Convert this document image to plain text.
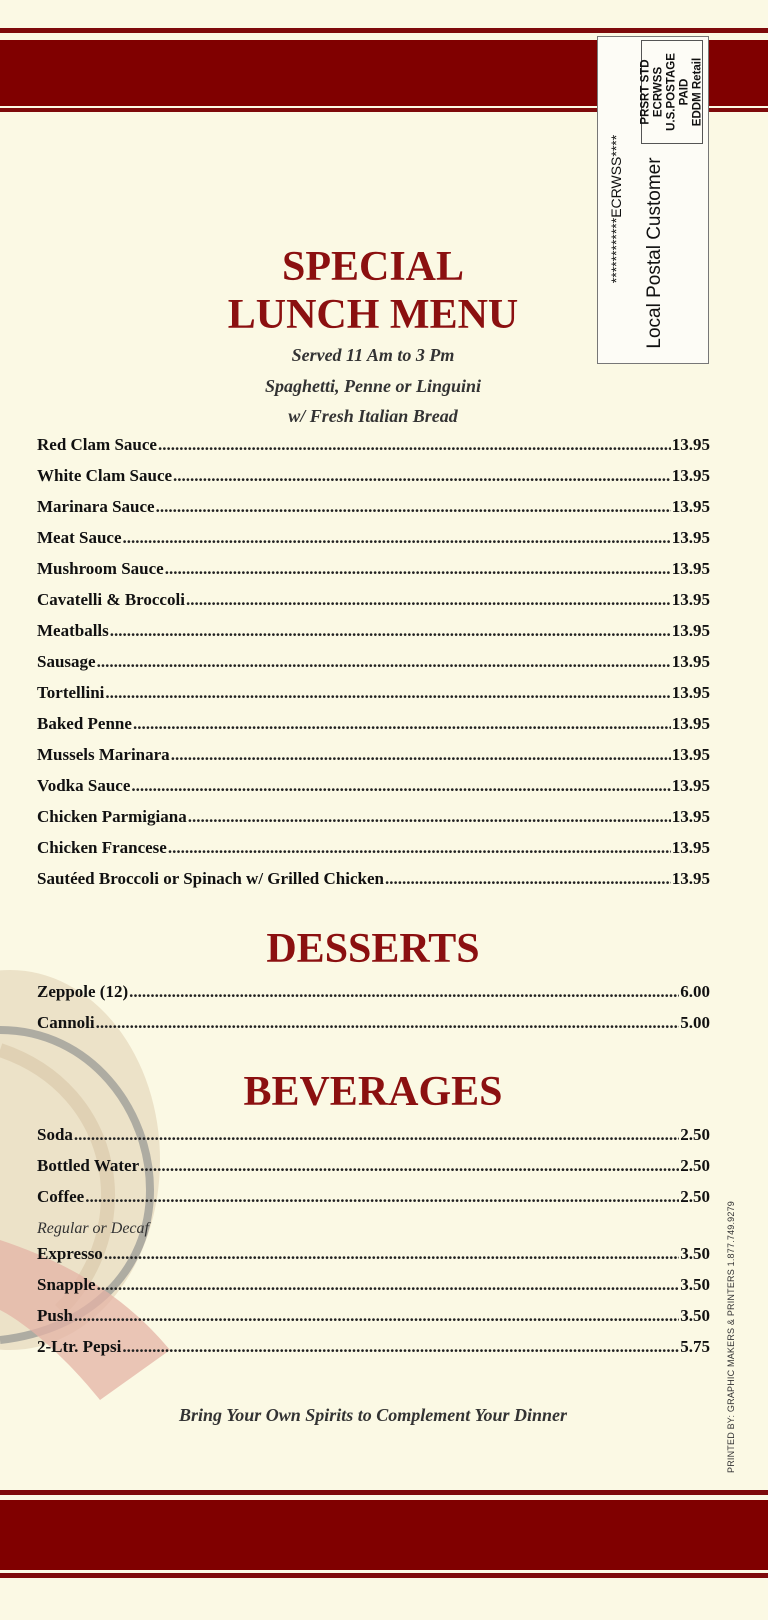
************ECRWSS**** Local Postal Customer
PRSRT STD ECRWSS U.S.POSTAGE PAID EDDM Retail
PRINTED BY: GRAPHIC MAKERS & PRINTERS 1.877.749.9279
SPECIAL
LUNCH MENU
Served 11 Am to 3 Pm
Spaghetti, Penne or Linguini
w/ Fresh Italian Bread
Red Clam Sauce .....	13.95
White Clam Sauce .....	13.95
Marinara Sauce .....	13.95
Meat Sauce .....	13.95
Mushroom Sauce .....	13.95
Cavatelli & Broccoli .....	13.95
Meatballs .....	13.95
Sausage .....	13.95
Tortellini .....	13.95
Baked Penne .....	13.95
Mussels Marinara .....	13.95
Vodka Sauce .....	13.95
Chicken Parmigiana .....	13.95
Chicken Francese .....	13.95
Sautéed Broccoli or Spinach w/ Grilled Chicken .....	13.95
DESSERTS
Zeppole (12) .....	6.00
Cannoli .....	5.00
BEVERAGES
Soda .....	2.50
Bottled Water .....	2.50
Coffee .....	2.50
Regular or Decaf
Expresso .....	3.50
Snapple .....	3.50
Push .....	3.50
2-Ltr. Pepsi .....	5.75
Bring Your Own Spirits to Complement Your Dinner
